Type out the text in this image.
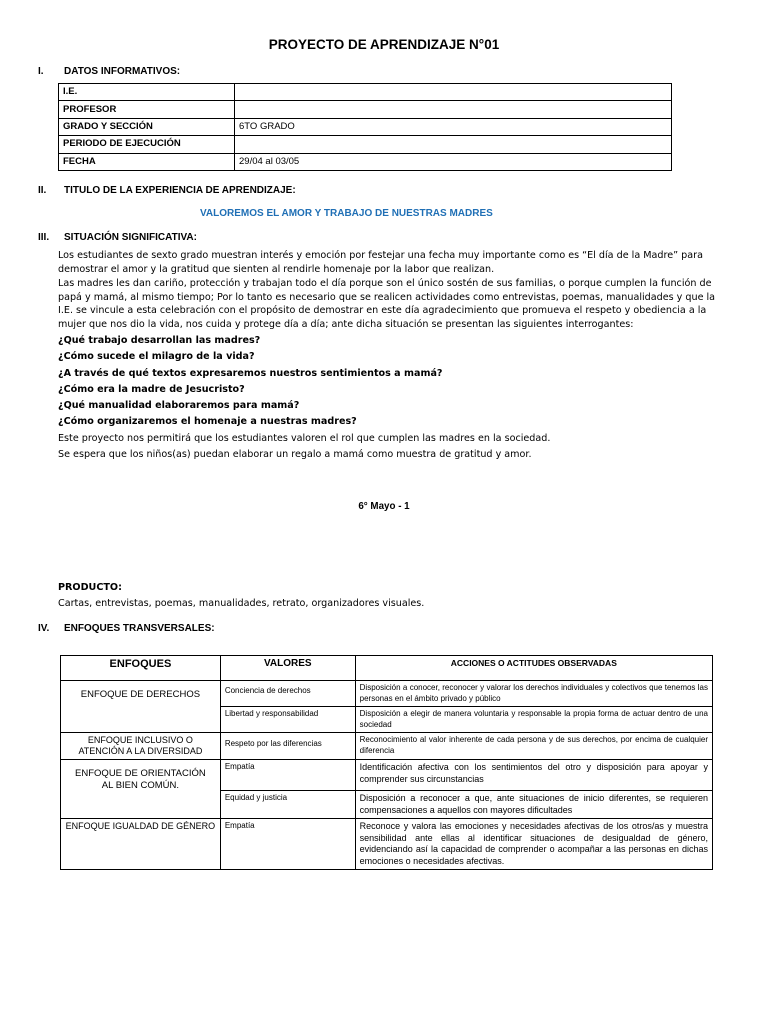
PROYECTO DE APRENDIZAJE N°01
I. DATOS INFORMATIVOS:
I.E.	
PROFESOR	
GRADO Y SECCIÓN	6TO GRADO
PERIODO DE EJECUCIÓN	
FECHA	29/04 al 03/05
II. TITULO DE LA EXPERIENCIA DE APRENDIZAJE:
VALOREMOS EL AMOR Y TRABAJO DE NUESTRAS MADRES
III. SITUACIÓN SIGNIFICATIVA:
Los estudiantes de sexto grado muestran interés y emoción por festejar una fecha muy importante como es “El día de la Madre” para demostrar el amor y la gratitud que sienten al rendirle homenaje por la labor que realizan.
Las madres les dan cariño, protección y trabajan todo el día porque son el único sostén de sus familias, o porque cumplen la función de papá y mamá, al mismo tiempo; Por lo tanto es necesario que se realicen actividades como entrevistas, poemas, manualidades y que la I.E. se vincule a esta celebración con el propósito de demostrar en este día agradecimiento que promueva el respeto y obediencia a la mujer que nos dio la vida, nos cuida y protege día a día; ante dicha situación se presentan las siguientes interrogantes:
¿Qué trabajo desarrollan las madres?
¿Cómo sucede el milagro de la vida?
¿A través de qué textos expresaremos nuestros sentimientos a mamá?
¿Cómo era la madre de Jesucristo?
¿Qué manualidad elaboraremos para mamá?
¿Cómo organizaremos el homenaje a nuestras madres?
Este proyecto nos permitirá que los estudiantes valoren el rol que cumplen las madres en la sociedad.
Se espera que los niños(as) puedan elaborar un regalo a mamá como muestra de gratitud y amor.
6° Mayo - 1
PRODUCTO:
Cartas, entrevistas, poemas, manualidades, retrato, organizadores visuales.
IV. ENFOQUES TRANSVERSALES:
ENFOQUES	VALORES	ACCIONES O ACTITUDES OBSERVADAS
ENFOQUE DE DERECHOS	Conciencia de derechos	Disposición a conocer, reconocer y valorar los derechos individuales y colectivos que tenemos las personas en el ámbito privado y público
	Libertad y responsabilidad	Disposición a elegir de manera voluntaria y responsable la propia forma de actuar dentro de una sociedad
ENFOQUE INCLUSIVO O ATENCIÓN A LA DIVERSIDAD	Respeto por las diferencias	Reconocimiento al valor inherente de cada persona y de sus derechos, por encima de cualquier diferencia
ENFOQUE DE ORIENTACIÓN AL BIEN COMÚN.	Empatía	Identificación afectiva con los sentimientos del otro y disposición para apoyar y comprender sus circunstancias
	Equidad y justicia	Disposición a reconocer a que, ante situaciones de inicio diferentes, se requieren compensaciones a aquellos con mayores dificultades
ENFOQUE IGUALDAD DE GÉNERO	Empatía	Reconoce y valora las emociones y necesidades afectivas de los otros/as y muestra sensibilidad ante ellas al identificar situaciones de desigualdad de género, evidenciando así la capacidad de comprender o acompañar a las personas en dichas emociones o necesidades afectivas.
